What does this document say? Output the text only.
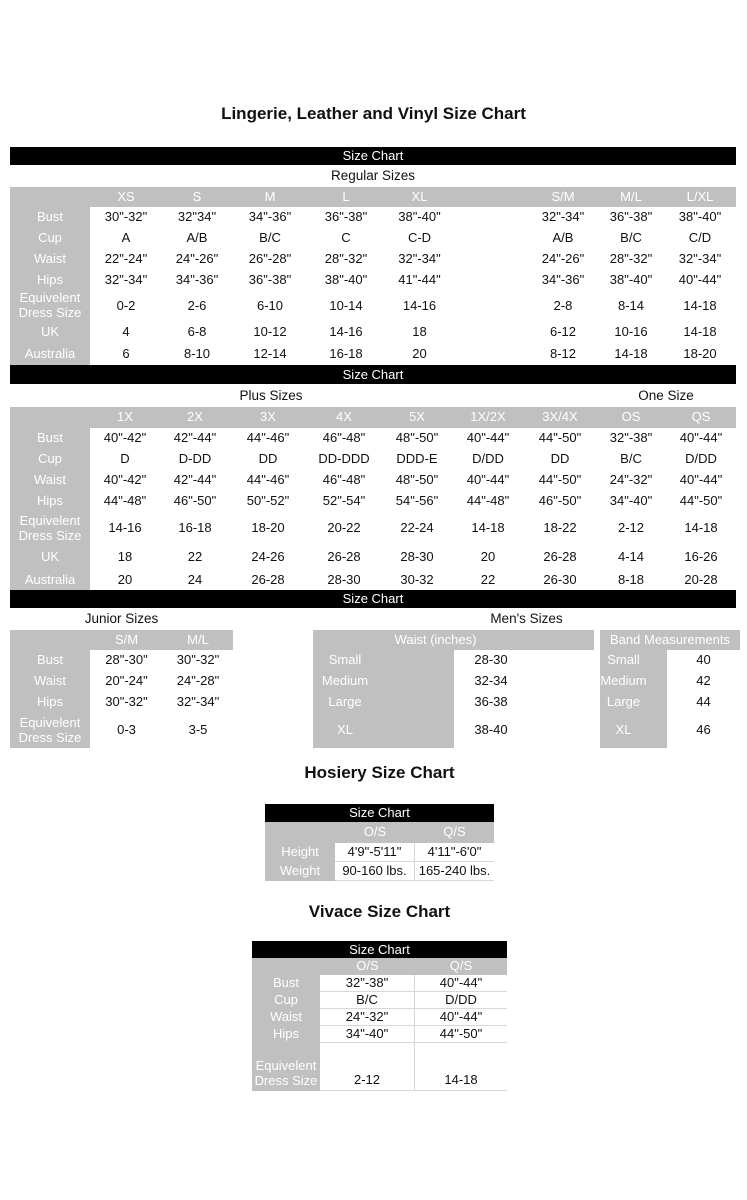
Lingerie, Leather and Vinyl Size Chart
Size Chart
Regular Sizes
XS	S	M	L	XL	S/M	M/L	L/XL
Bust	30"-32"	32"34"	34"-36"	36"-38"	38"-40"	32"-34"	36"-38"	38"-40"
Cup	A	A/B	B/C	C	C-D	A/B	B/C	C/D
Waist	22"-24"	24"-26"	26"-28"	28"-32"	32"-34"	24"-26"	28"-32"	32"-34"
Hips	32"-34"	34"-36"	36"-38"	38"-40"	41"-44"	34"-36"	38"-40"	40"-44"
Equivelent Dress Size	0-2	2-6	6-10	10-14	14-16	2-8	8-14	14-18
UK	4	6-8	10-12	14-16	18	6-12	10-16	14-18
Australia	6	8-10	12-14	16-18	20	8-12	14-18	18-20
Size Chart
Plus Sizes	One Size
1X	2X	3X	4X	5X	1X/2X	3X/4X	OS	QS
Bust	40"-42"	42"-44"	44"-46"	46"-48"	48"-50"	40"-44"	44"-50"	32"-38"	40"-44"
Cup	D	D-DD	DD	DD-DDD	DDD-E	D/DD	DD	B/C	D/DD
Waist	40"-42"	42"-44"	44"-46"	46"-48"	48"-50"	40"-44"	44"-50"	24"-32"	40"-44"
Hips	44"-48"	46"-50"	50"-52"	52"-54"	54"-56"	44"-48"	46"-50"	34"-40"	44"-50"
Equivelent Dress Size	14-16	16-18	18-20	20-22	22-24	14-18	18-22	2-12	14-18
UK	18	22	24-26	26-28	28-30	20	26-28	4-14	16-26
Australia	20	24	26-28	28-30	30-32	22	26-30	8-18	20-28
Size Chart
Junior Sizes	Men's Sizes
S/M	M/L
Bust	28"-30"	30"-32"
Waist	20"-24"	24"-28"
Hips	30"-32"	32"-34"
Equivelent Dress Size	0-3	3-5
Waist (inches)
Small	28-30
Medium	32-34
Large	36-38
XL	38-40
Band Measurements
Small	40
Medium	42
Large	44
XL	46
Hosiery Size Chart
Size Chart
O/S	Q/S
Height	4'9"-5'11"	4'11"-6'0"
Weight	90-160 lbs. 165-240 lbs.
Vivace Size Chart
Size Chart
O/S	Q/S
Bust	32"-38"	40"-44"
Cup	B/C	D/DD
Waist	24"-32"	40"-44"
Hips	34"-40"	44"-50"
Equivelent Dress Size	2-12	14-18
